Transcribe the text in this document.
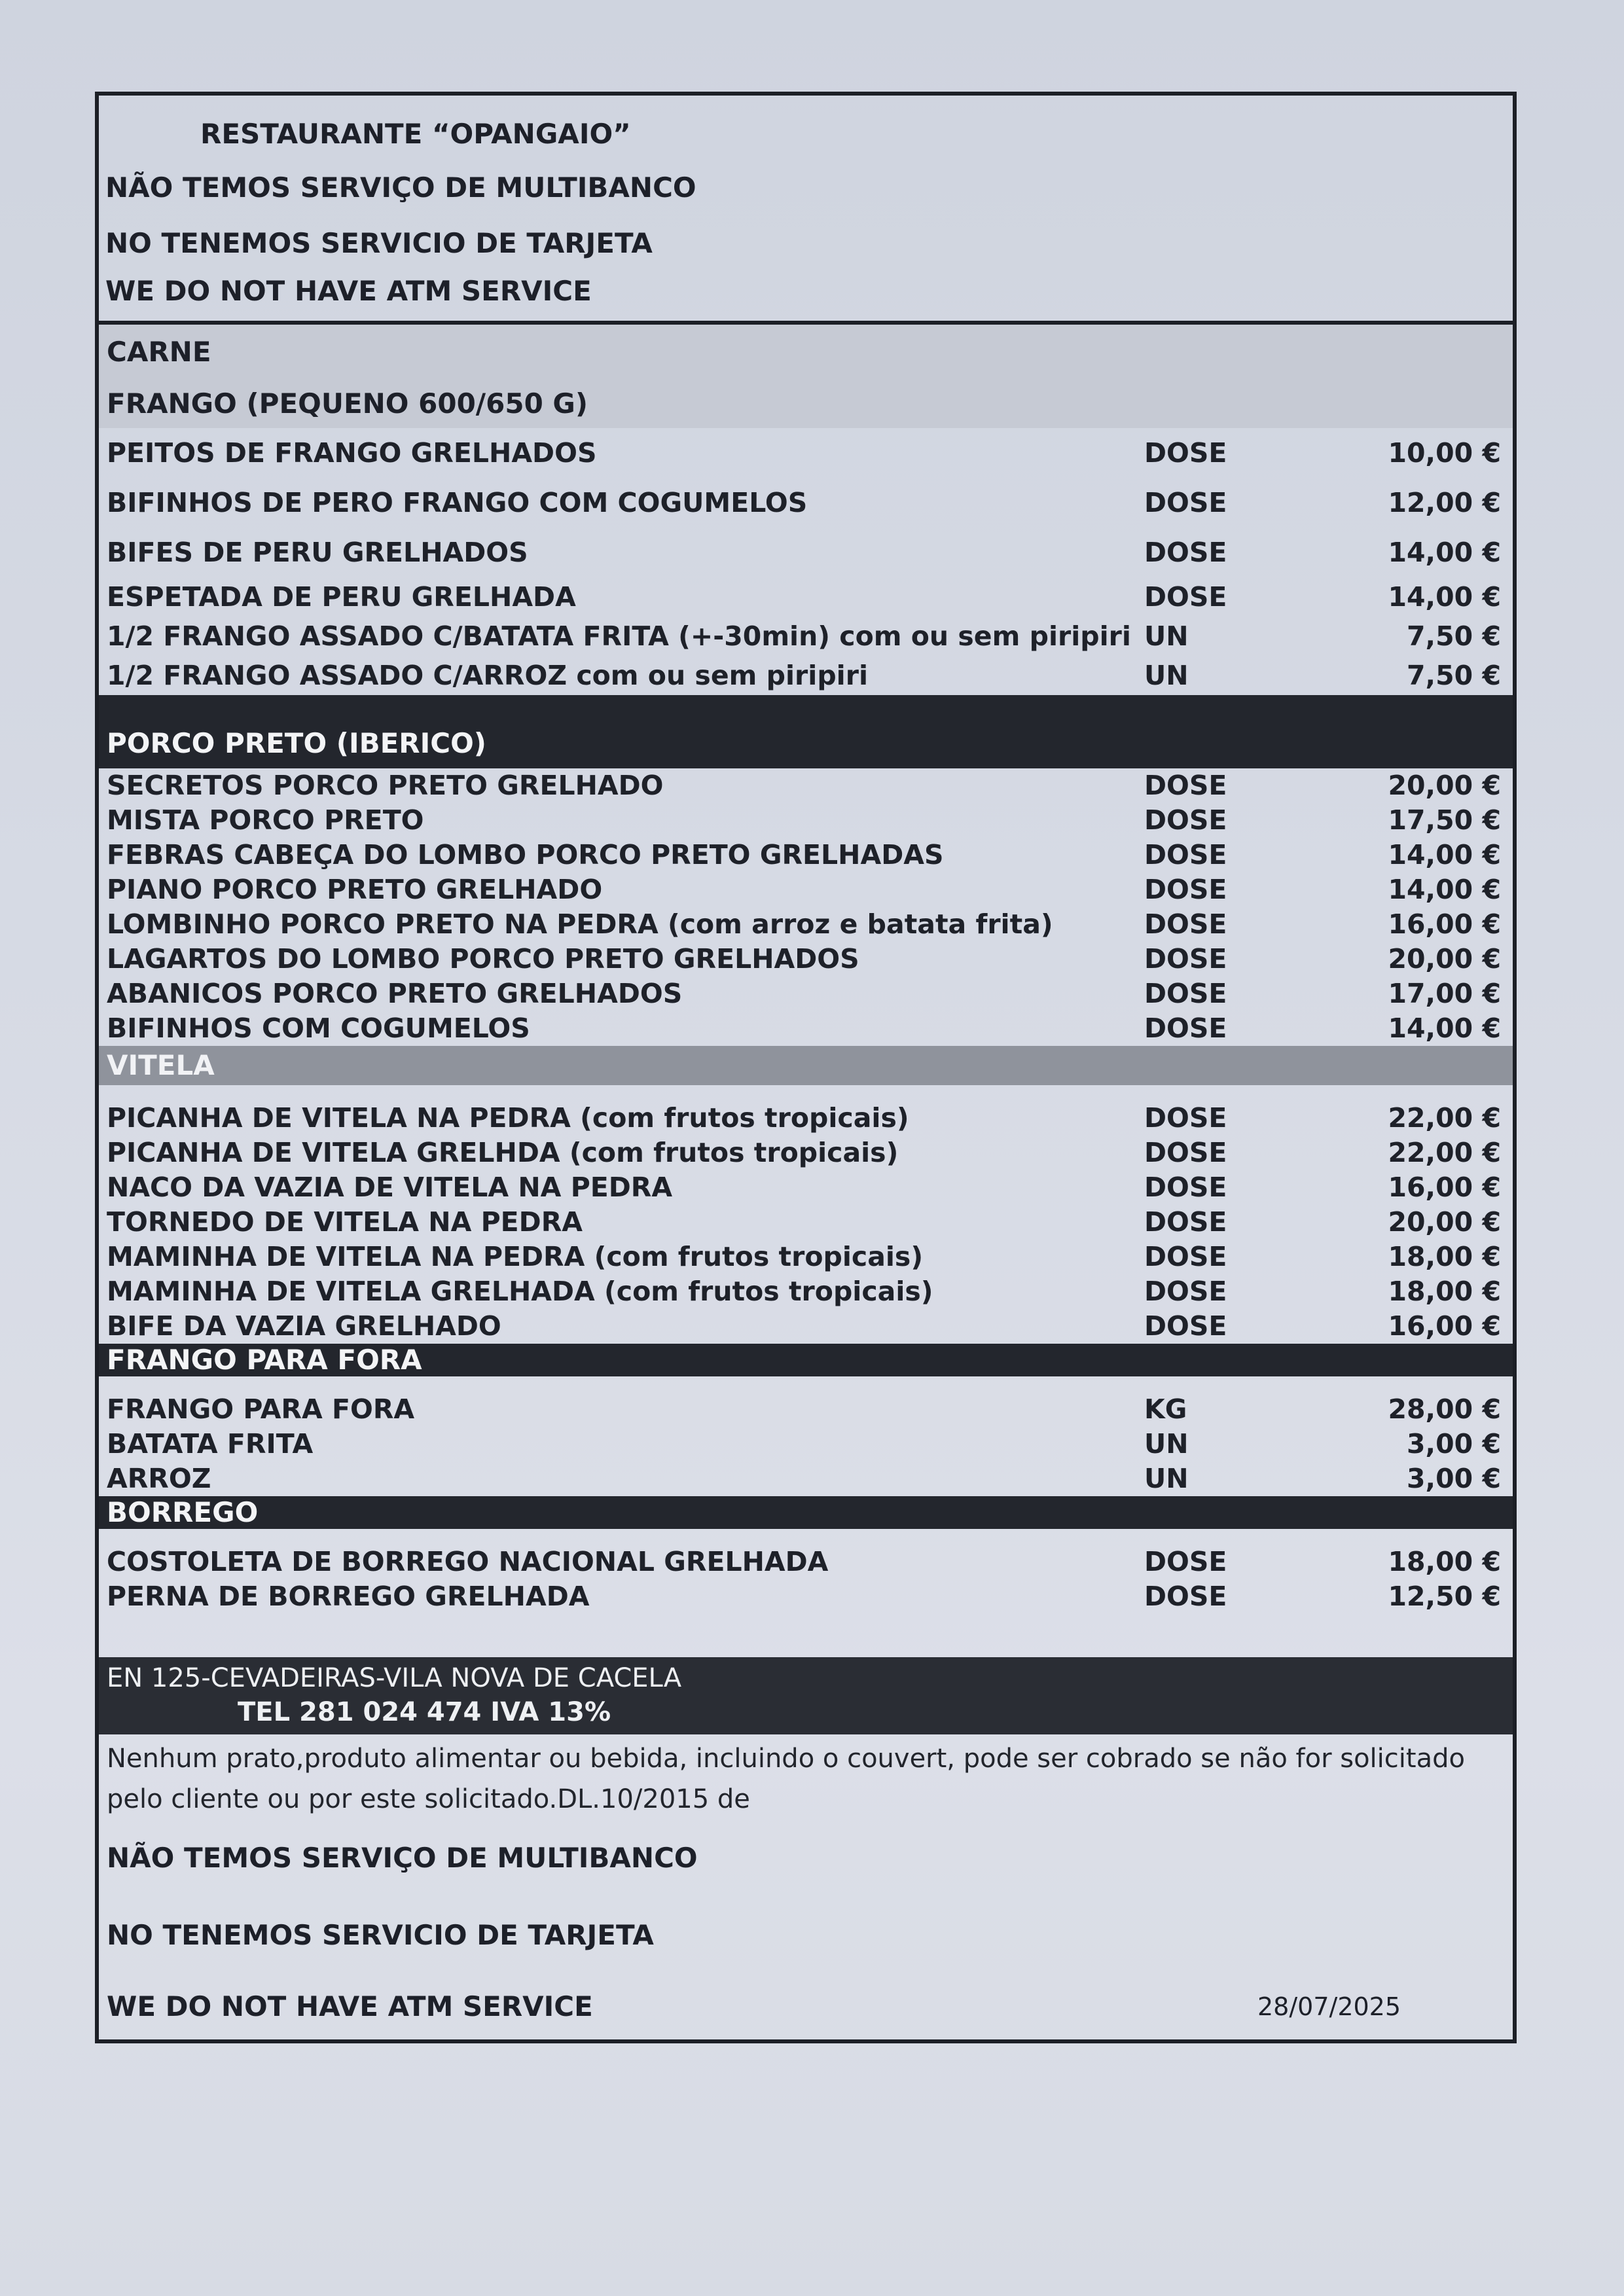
RESTAURANTE “OPANGAIO”
NÃO TEMOS SERVIÇO DE MULTIBANCO
NO TENEMOS SERVICIO DE TARJETA
WE DO NOT HAVE ATM SERVICE
CARNE
FRANGO (PEQUENO 600/650 G)
PEITOS DE FRANGO GRELHADOS	DOSE	10,00 €
BIFINHOS DE PERO FRANGO COM COGUMELOS	DOSE	12,00 €
BIFES DE PERU GRELHADOS	DOSE	14,00 €
ESPETADA DE PERU GRELHADA	DOSE	14,00 €
1/2 FRANGO ASSADO C/BATATA FRITA (+-30min) com ou sem piripiri UN	7,50 €
1/2 FRANGO ASSADO C/ARROZ com ou sem piripiri	UN	7,50 €
PORCO PRETO (IBERICO)
SECRETOS PORCO PRETO GRELHADO	DOSE	20,00 €
MISTA PORCO PRETO	DOSE	17,50 €
FEBRAS CABEÇA DO LOMBO PORCO PRETO GRELHADAS	DOSE	14,00 €
PIANO PORCO PRETO GRELHADO	DOSE	14,00 €
LOMBINHO PORCO PRETO NA PEDRA (com arroz e batata frita)	DOSE	16,00 €
LAGARTOS DO LOMBO PORCO PRETO GRELHADOS	DOSE	20,00 €
ABANICOS PORCO PRETO GRELHADOS	DOSE	17,00 €
BIFINHOS COM COGUMELOS	DOSE	14,00 €
VITELA
PICANHA DE VITELA NA PEDRA (com frutos tropicais)	DOSE	22,00 €
PICANHA DE VITELA GRELHDA (com frutos tropicais)	DOSE	22,00 €
NACO DA VAZIA DE VITELA NA PEDRA	DOSE	16,00 €
TORNEDO DE VITELA NA PEDRA	DOSE	20,00 €
MAMINHA DE VITELA NA PEDRA (com frutos tropicais)	DOSE	18,00 €
MAMINHA DE VITELA GRELHADA (com frutos tropicais)	DOSE	18,00 €
BIFE DA VAZIA GRELHADO	DOSE	16,00 €
FRANGO PARA FORA
FRANGO PARA FORA	KG	28,00 €
BATATA FRITA	UN	3,00 €
ARROZ	UN	3,00 €
BORREGO
COSTOLETA DE BORREGO NACIONAL GRELHADA	DOSE	18,00 €
PERNA DE BORREGO GRELHADA	DOSE	12,50 €
EN 125-CEVADEIRAS-VILA NOVA DE CACELA
TEL 281 024 474 IVA 13%
Nenhum prato,produto alimentar ou bebida, incluindo o couvert, pode ser cobrado se não for solicitado pelo cliente ou por este solicitado.DL.10/2015 de
NÃO TEMOS SERVIÇO DE MULTIBANCO
NO TENEMOS SERVICIO DE TARJETA
WE DO NOT HAVE ATM SERVICE	28/07/2025
